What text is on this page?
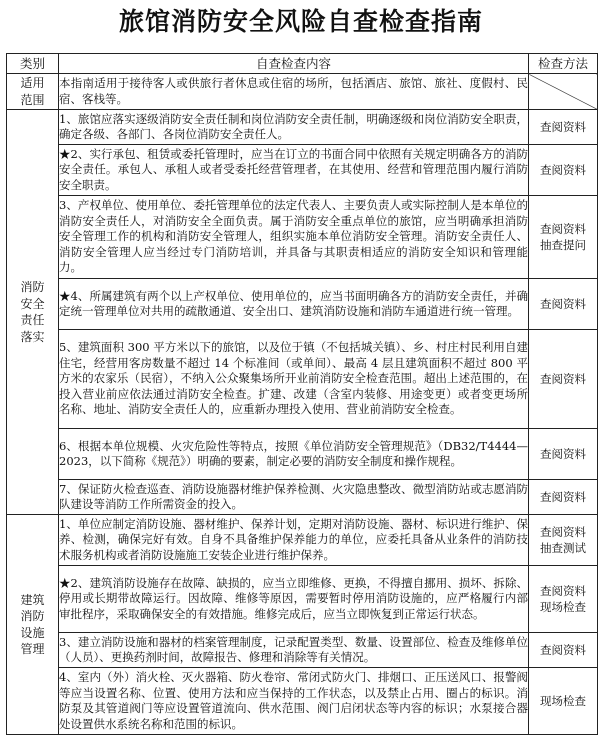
旅馆消防安全风险自查检查指南
类别	自查检查内容	检查方法

适用
范围	本指南适用于接待客人或供旅行者休息或住宿的场所，包括酒店、旅馆、旅社、度假村、民宿、客栈等。	

消防
安全
责任
落实	1、旅馆应落实逐级消防安全责任制和岗位消防安全责任制，明确逐级和岗位消防安全职责，确定各级、各部门、各岗位消防安全责任人。	查阅资料
	★2、实行承包、租赁或委托管理时，应当在订立的书面合同中依照有关规定明确各方的消防安全责任。承包人、承租人或者受委托经营管理者，在其使用、经营和管理范围内履行消防安全职责。	查阅资料
	3、产权单位、使用单位、委托管理单位的法定代表人、主要负责人或实际控制人是本单位的消防安全责任人，对消防安全全面负责。属于消防安全重点单位的旅馆，应当明确承担消防安全管理工作的机构和消防安全管理人，组织实施本单位消防安全管理。消防安全责任人、消防安全管理人应当经过专门消防培训，并具备与其职责相适应的消防安全知识和管理能力。	查阅资料
抽查提问

	★4、所属建筑有两个以上产权单位、使用单位的，应当书面明确各方的消防安全责任，并确定统一管理单位对共用的疏散通道、安全出口、建筑消防设施和消防车通道进行统一管理。	查阅资料
	5、建筑面积 300 平方米以下的旅馆，以及位于镇（不包括城关镇）、乡、村庄村民利用自建住宅，经营用客房数量不超过 14 个标准间（或单间）、最高 4 层且建筑面积不超过 800 平方米的农家乐（民宿），不纳入公众聚集场所开业前消防安全检查范围。超出上述范围的，在投入营业前应依法通过消防安全检查。扩建、改建（含室内装修、用途变更）或者变更场所名称、地址、消防安全责任人的，应重新办理投入使用、营业前消防安全检查。	查阅资料
	6、根据本单位规模、火灾危险性等特点，按照《单位消防安全管理规范》（DB32/T4444—2023，以下简称《规范》）明确的要素，制定必要的消防安全制度和操作规程。	查阅资料
	7、保证防火检查巡查、消防设施器材维护保养检测、火灾隐患整改、微型消防站或志愿消防队建设等消防工作所需资金的投入。	查阅资料

建筑
消防
设施
管理	1、单位应制定消防设施、器材维护、保养计划，定期对消防设施、器材、标识进行维护、保养、检测，确保完好有效。自身不具备维护保养能力的单位，应委托具备从业条件的消防技术服务机构或者消防设施施工安装企业进行维护保养。	查阅资料
抽查测试

	★2、建筑消防设施存在故障、缺损的，应当立即维修、更换，不得擅自挪用、损坏、拆除、停用或长期带故障运行。因故障、维修等原因，需要暂时停用消防设施的，应严格履行内部审批程序，采取确保安全的有效措施。维修完成后，应当立即恢复到正常运行状态。	查阅资料
现场检查

	3、建立消防设施和器材的档案管理制度，记录配置类型、数量、设置部位、检查及维修单位（人员）、更换药剂时间，故障报告、修理和消除等有关情况。	查阅资料
	4、室内（外）消火栓、灭火器箱、防火卷帘、常闭式防火门、排烟口、正压送风口、报警阀等应当设置名称、位置、使用方法和应当保持的工作状态，以及禁止占用、圈占的标识。消防泵及其管道阀门等应设置管道流向、供水范围、阀门启闭状态等内容的标识；水泵接合器处设置供水系统名称和范围的标识。	现场检查
